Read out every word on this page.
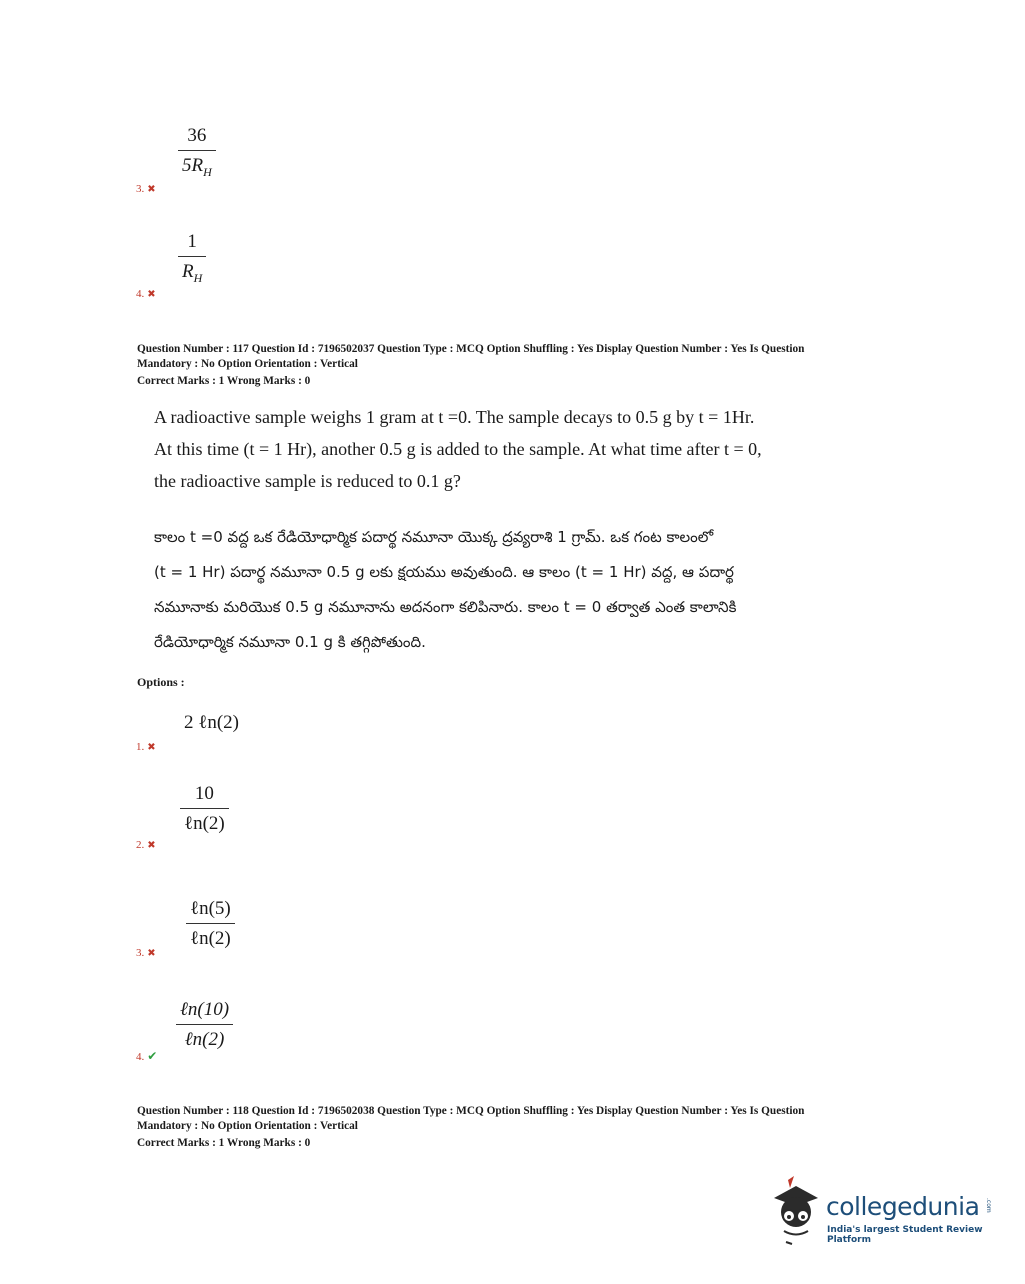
$\frac{36}{5R_H}$
3. ✖
$\frac{1}{R_H}$
4. ✖
Question Number : 117 Question Id : 7196502037 Question Type : MCQ Option Shuffling : Yes Display Question Number : Yes Is Question
Mandatory : No Option Orientation : Vertical
Correct Marks : 1 Wrong Marks : 0
A radioactive sample weighs 1 gram at t =0. The sample decays to 0.5 g by t = 1Hr.
At this time (t = 1 Hr), another 0.5 g is added to the sample. At what time after t = 0,
the radioactive sample is reduced to 0.1 g?
కాలం t =0 వద్ద ఒక రేడియోధార్మిక పదార్థ నమూనా యొక్క ద్రవ్యరాశి 1 గ్రామ్. ఒక గంట కాలంలో
(t = 1 Hr) పదార్థ నమూనా 0.5 g లకు క్షయము అవుతుంది. ఆ కాలం (t = 1 Hr) వద్ద, ఆ పదార్థ
నమూనాకు మరియొక 0.5 g నమూనాను అదనంగా కలిపినారు. కాలం t = 0 తర్వాత ఎంత కాలానికి
రేడియోధార్మిక నమూనా 0.1 g కి తగ్గిపోతుంది.
Options :
2 ℓn(2)
1. ✖
10
ℓn(2)
2. ✖
ℓn(5)
ℓn(2)
3. ✖
ℓn(10)
ℓn(2)
4. ✔
Question Number : 118 Question Id : 7196502038 Question Type : MCQ Option Shuffling : Yes Display Question Number : Yes Is Question
Mandatory : No Option Orientation : Vertical
Correct Marks : 1 Wrong Marks : 0
collegedunia .com
India's largest Student Review Platform
